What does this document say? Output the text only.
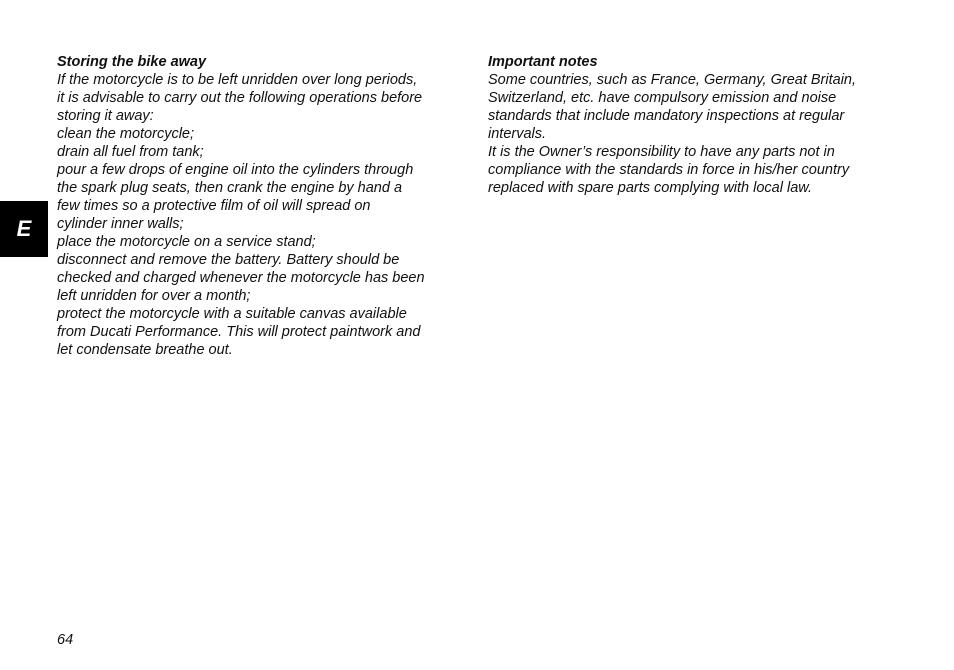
E

Storing the bike away

If the motorcycle is to be left unridden over long periods,

it is advisable to carry out the following operations before

storing it away:

clean the motorcycle;

drain all fuel from tank;

pour a few drops of engine oil into the cylinders through

the spark plug seats, then crank the engine by hand a

few times so a protective film of oil will spread on

cylinder inner walls;

place the motorcycle on a service stand;

disconnect and remove the battery. Battery should be

checked and charged whenever the motorcycle has been

left unridden for over a month;

protect the motorcycle with a suitable canvas available

from Ducati Performance. This will protect paintwork and

let condensate breathe out.

Important notes

Some countries, such as France, Germany, Great Britain,

Switzerland, etc. have compulsory emission and noise

standards that include mandatory inspections at regular

intervals.

It is the Owner’s responsibility to have any parts not in

compliance with the standards in force in his/her country

replaced with spare parts complying with local law.

64
